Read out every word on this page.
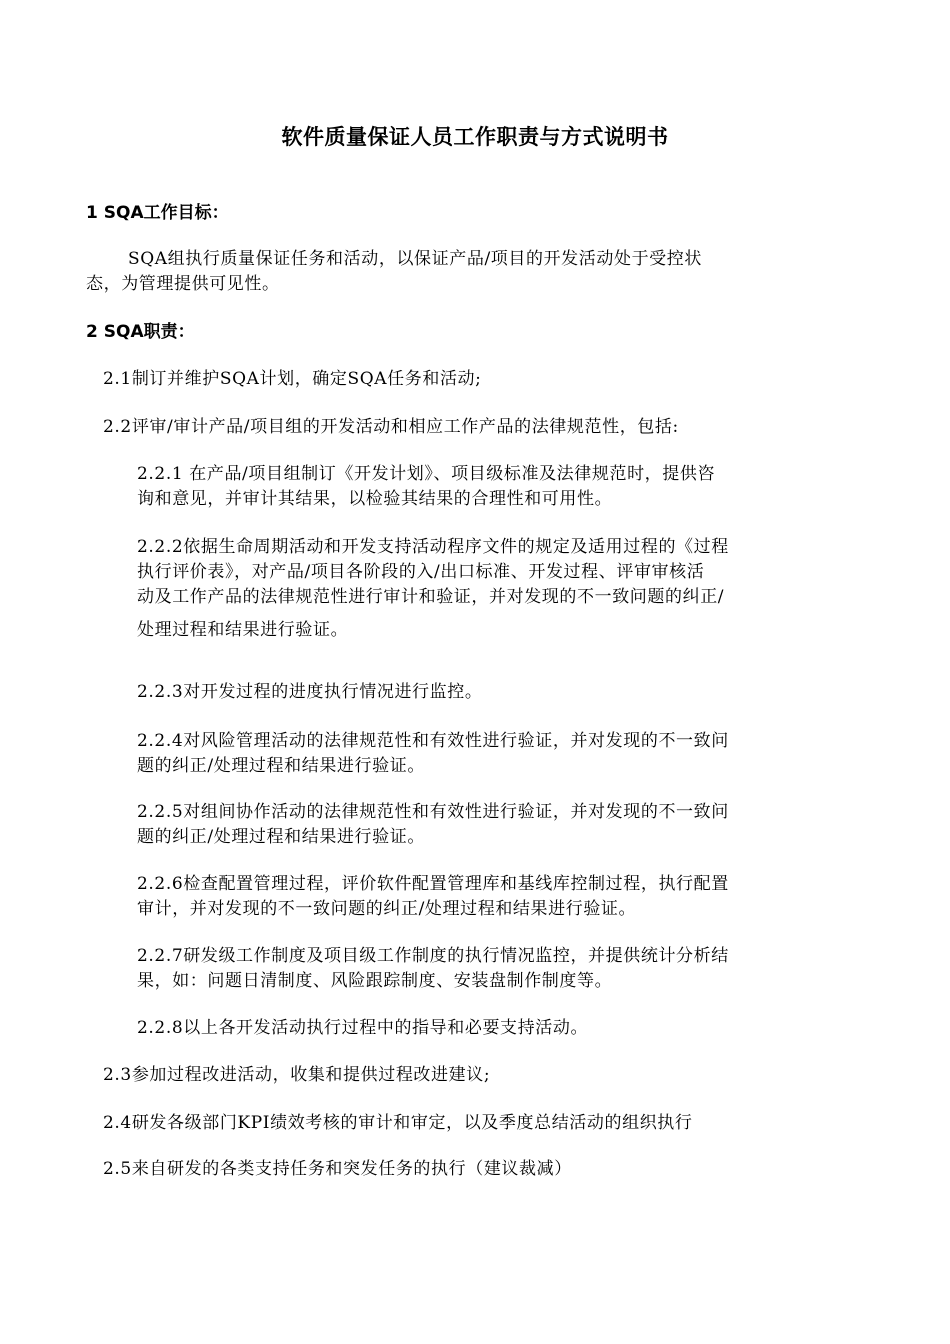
软件质量保证人员工作职责与方式说明书
1 SQA工作目标：
SQA组执行质量保证任务和活动，以保证产品/项目的开发活动处于受控状
态，为管理提供可见性。
2 SQA职责：
2.1制订并维护SQA计划，确定SQA任务和活动;
2.2评审/审计产品/项目组的开发活动和相应工作产品的法律规范性，包括:
2.2.1 在产品/项目组制订《开发计划》、项目级标准及法律规范时，提供咨
询和意见，并审计其结果，以检验其结果的合理性和可用性。
2.2.2依据生命周期活动和开发支持活动程序文件的规定及适用过程的《过程
执行评价表》，对产品/项目各阶段的入/出口标准、开发过程、评审审核活
动及工作产品的法律规范性进行审计和验证，并对发现的不一致问题的纠正/
处理过程和结果进行验证。
2.2.3对开发过程的进度执行情况进行监控。
2.2.4对风险管理活动的法律规范性和有效性进行验证，并对发现的不一致问
题的纠正/处理过程和结果进行验证。
2.2.5对组间协作活动的法律规范性和有效性进行验证，并对发现的不一致问
题的纠正/处理过程和结果进行验证。
2.2.6检查配置管理过程，评价软件配置管理库和基线库控制过程，执行配置
审计，并对发现的不一致问题的纠正/处理过程和结果进行验证。
2.2.7研发级工作制度及项目级工作制度的执行情况监控，并提供统计分析结
果，如：问题日清制度、风险跟踪制度、安装盘制作制度等。
2.2.8以上各开发活动执行过程中的指导和必要支持活动。
2.3参加过程改进活动，收集和提供过程改进建议;
2.4研发各级部门KPI绩效考核的审计和审定，以及季度总结活动的组织执行
2.5来自研发的各类支持任务和突发任务的执行（建议裁减）
